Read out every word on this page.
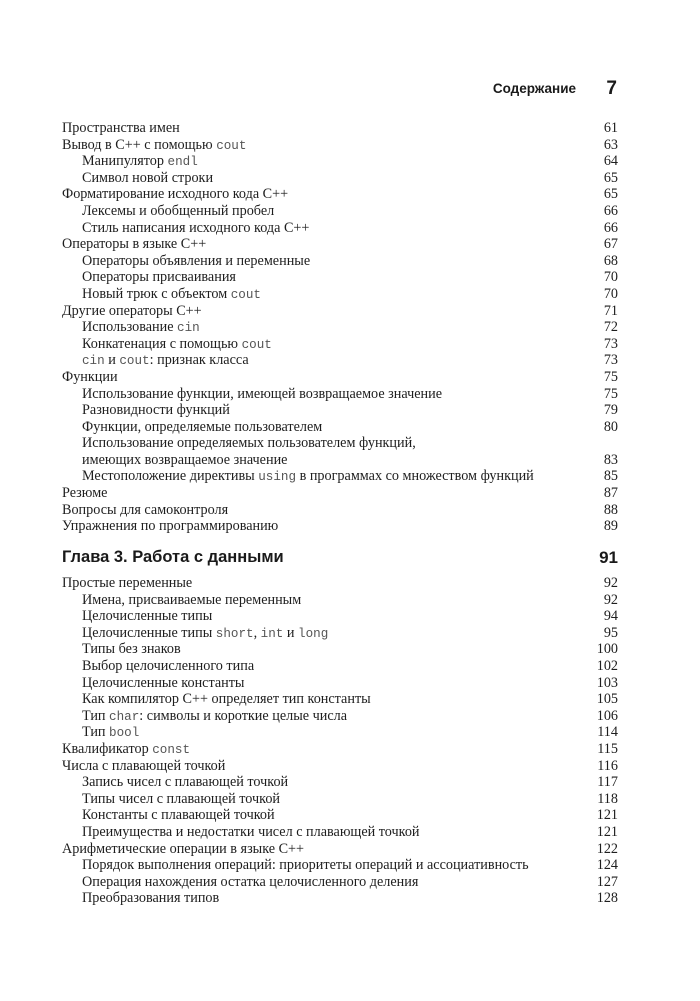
Содержание 7
Пространства имен	61
Вывод в C++ с помощью cout	63
Манипулятор endl	64
Символ новой строки	65
Форматирование исходного кода C++	65
Лексемы и обобщенный пробел	66
Стиль написания исходного кода C++	66
Операторы в языке C++	67
Операторы объявления и переменные	68
Операторы присваивания	70
Новый трюк с объектом cout	70
Другие операторы C++	71
Использование cin	72
Конкатенация с помощью cout	73
cin и cout: признак класса	73
Функции	75
Использование функции, имеющей возвращаемое значение	75
Разновидности функций	79
Функции, определяемые пользователем	80
Использование определяемых пользователем функций,
имеющих возвращаемое значение	83
Местоположение директивы using в программах со множеством функций	85
Резюме	87
Вопросы для самоконтроля	88
Упражнения по программированию	89
Глава 3. Работа с данными	91
Простые переменные	92
Имена, присваиваемые переменным	92
Целочисленные типы	94
Целочисленные типы short, int и long	95
Типы без знаков	100
Выбор целочисленного типа	102
Целочисленные константы	103
Как компилятор C++ определяет тип константы	105
Тип char: символы и короткие целые числа	106
Тип bool	114
Квалификатор const	115
Числа с плавающей точкой	116
Запись чисел с плавающей точкой	117
Типы чисел с плавающей точкой	118
Константы с плавающей точкой	121
Преимущества и недостатки чисел с плавающей точкой	121
Арифметические операции в языке C++	122
Порядок выполнения операций: приоритеты операций и ассоциативность	124
Операция нахождения остатка целочисленного деления	127
Преобразования типов	128
